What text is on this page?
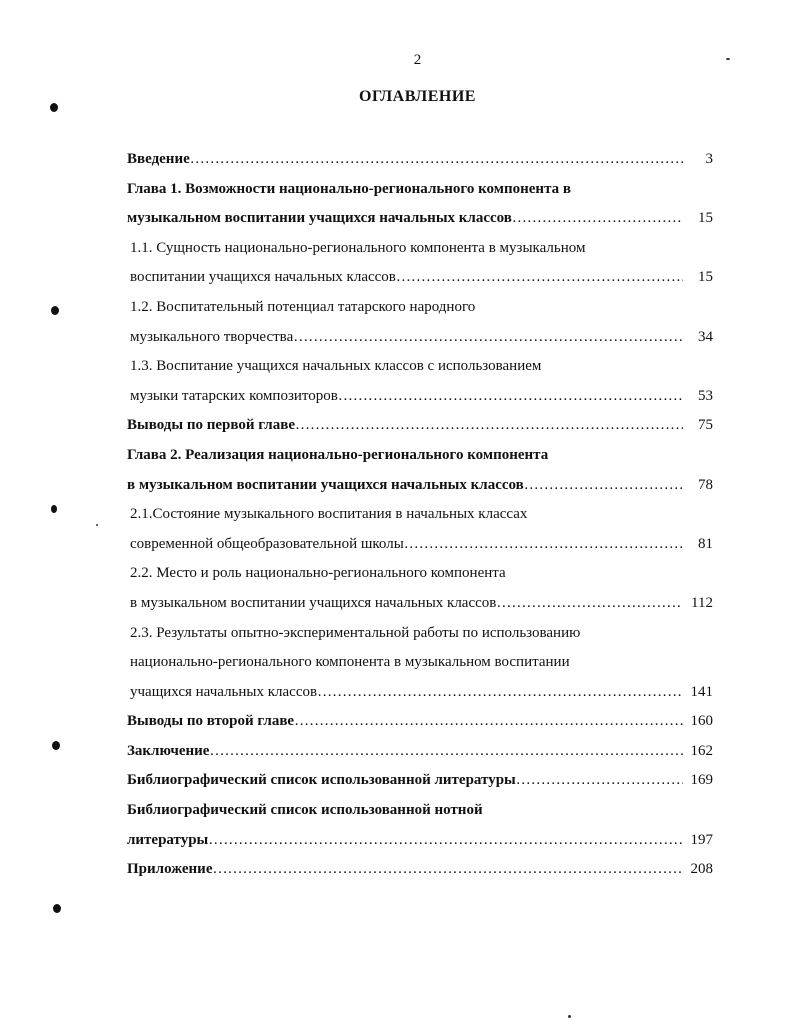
2
ОГЛАВЛЕНИЕ
Введение …………………………………………………………………………………………………………………………………	3
Глава 1. Возможности национально-регионального компонента в
музыкальном воспитании учащихся начальных классов …………………………………………………………………………………………………………………………………	15
1.1. Сущность национально-регионального компонента в музыкальном
воспитании учащихся начальных классов …………………………………………………………………………………………………………………………………	15
1.2. Воспитательный потенциал татарского народного
музыкального творчества …………………………………………………………………………………………………………………………………	34
1.3. Воспитание учащихся начальных классов с использованием
музыки татарских композиторов …………………………………………………………………………………………………………………………………	53
Выводы по первой главе …………………………………………………………………………………………………………………………………	75
Глава 2. Реализация национально-регионального компонента
в музыкальном воспитании учащихся начальных классов …………………………………………………………………………………………………………………………………	78
2.1.Состояние музыкального воспитания в начальных классах
современной общеобразовательной школы …………………………………………………………………………………………………………………………………	81
2.2. Место и роль национально-регионального компонента
в музыкальном воспитании учащихся начальных классов …………………………………………………………………………………………………………………………………	112
2.3. Результаты опытно-экспериментальной работы по использованию
национально-регионального компонента в музыкальном воспитании
учащихся начальных классов …………………………………………………………………………………………………………………………………	141
Выводы по второй главе …………………………………………………………………………………………………………………………………	160
Заключение …………………………………………………………………………………………………………………………………	162
Библиографический список использованной литературы …………………………………………………………………………………………………………………………………	169
Библиографический список использованной нотной
литературы …………………………………………………………………………………………………………………………………	197
Приложение …………………………………………………………………………………………………………………………………	208
